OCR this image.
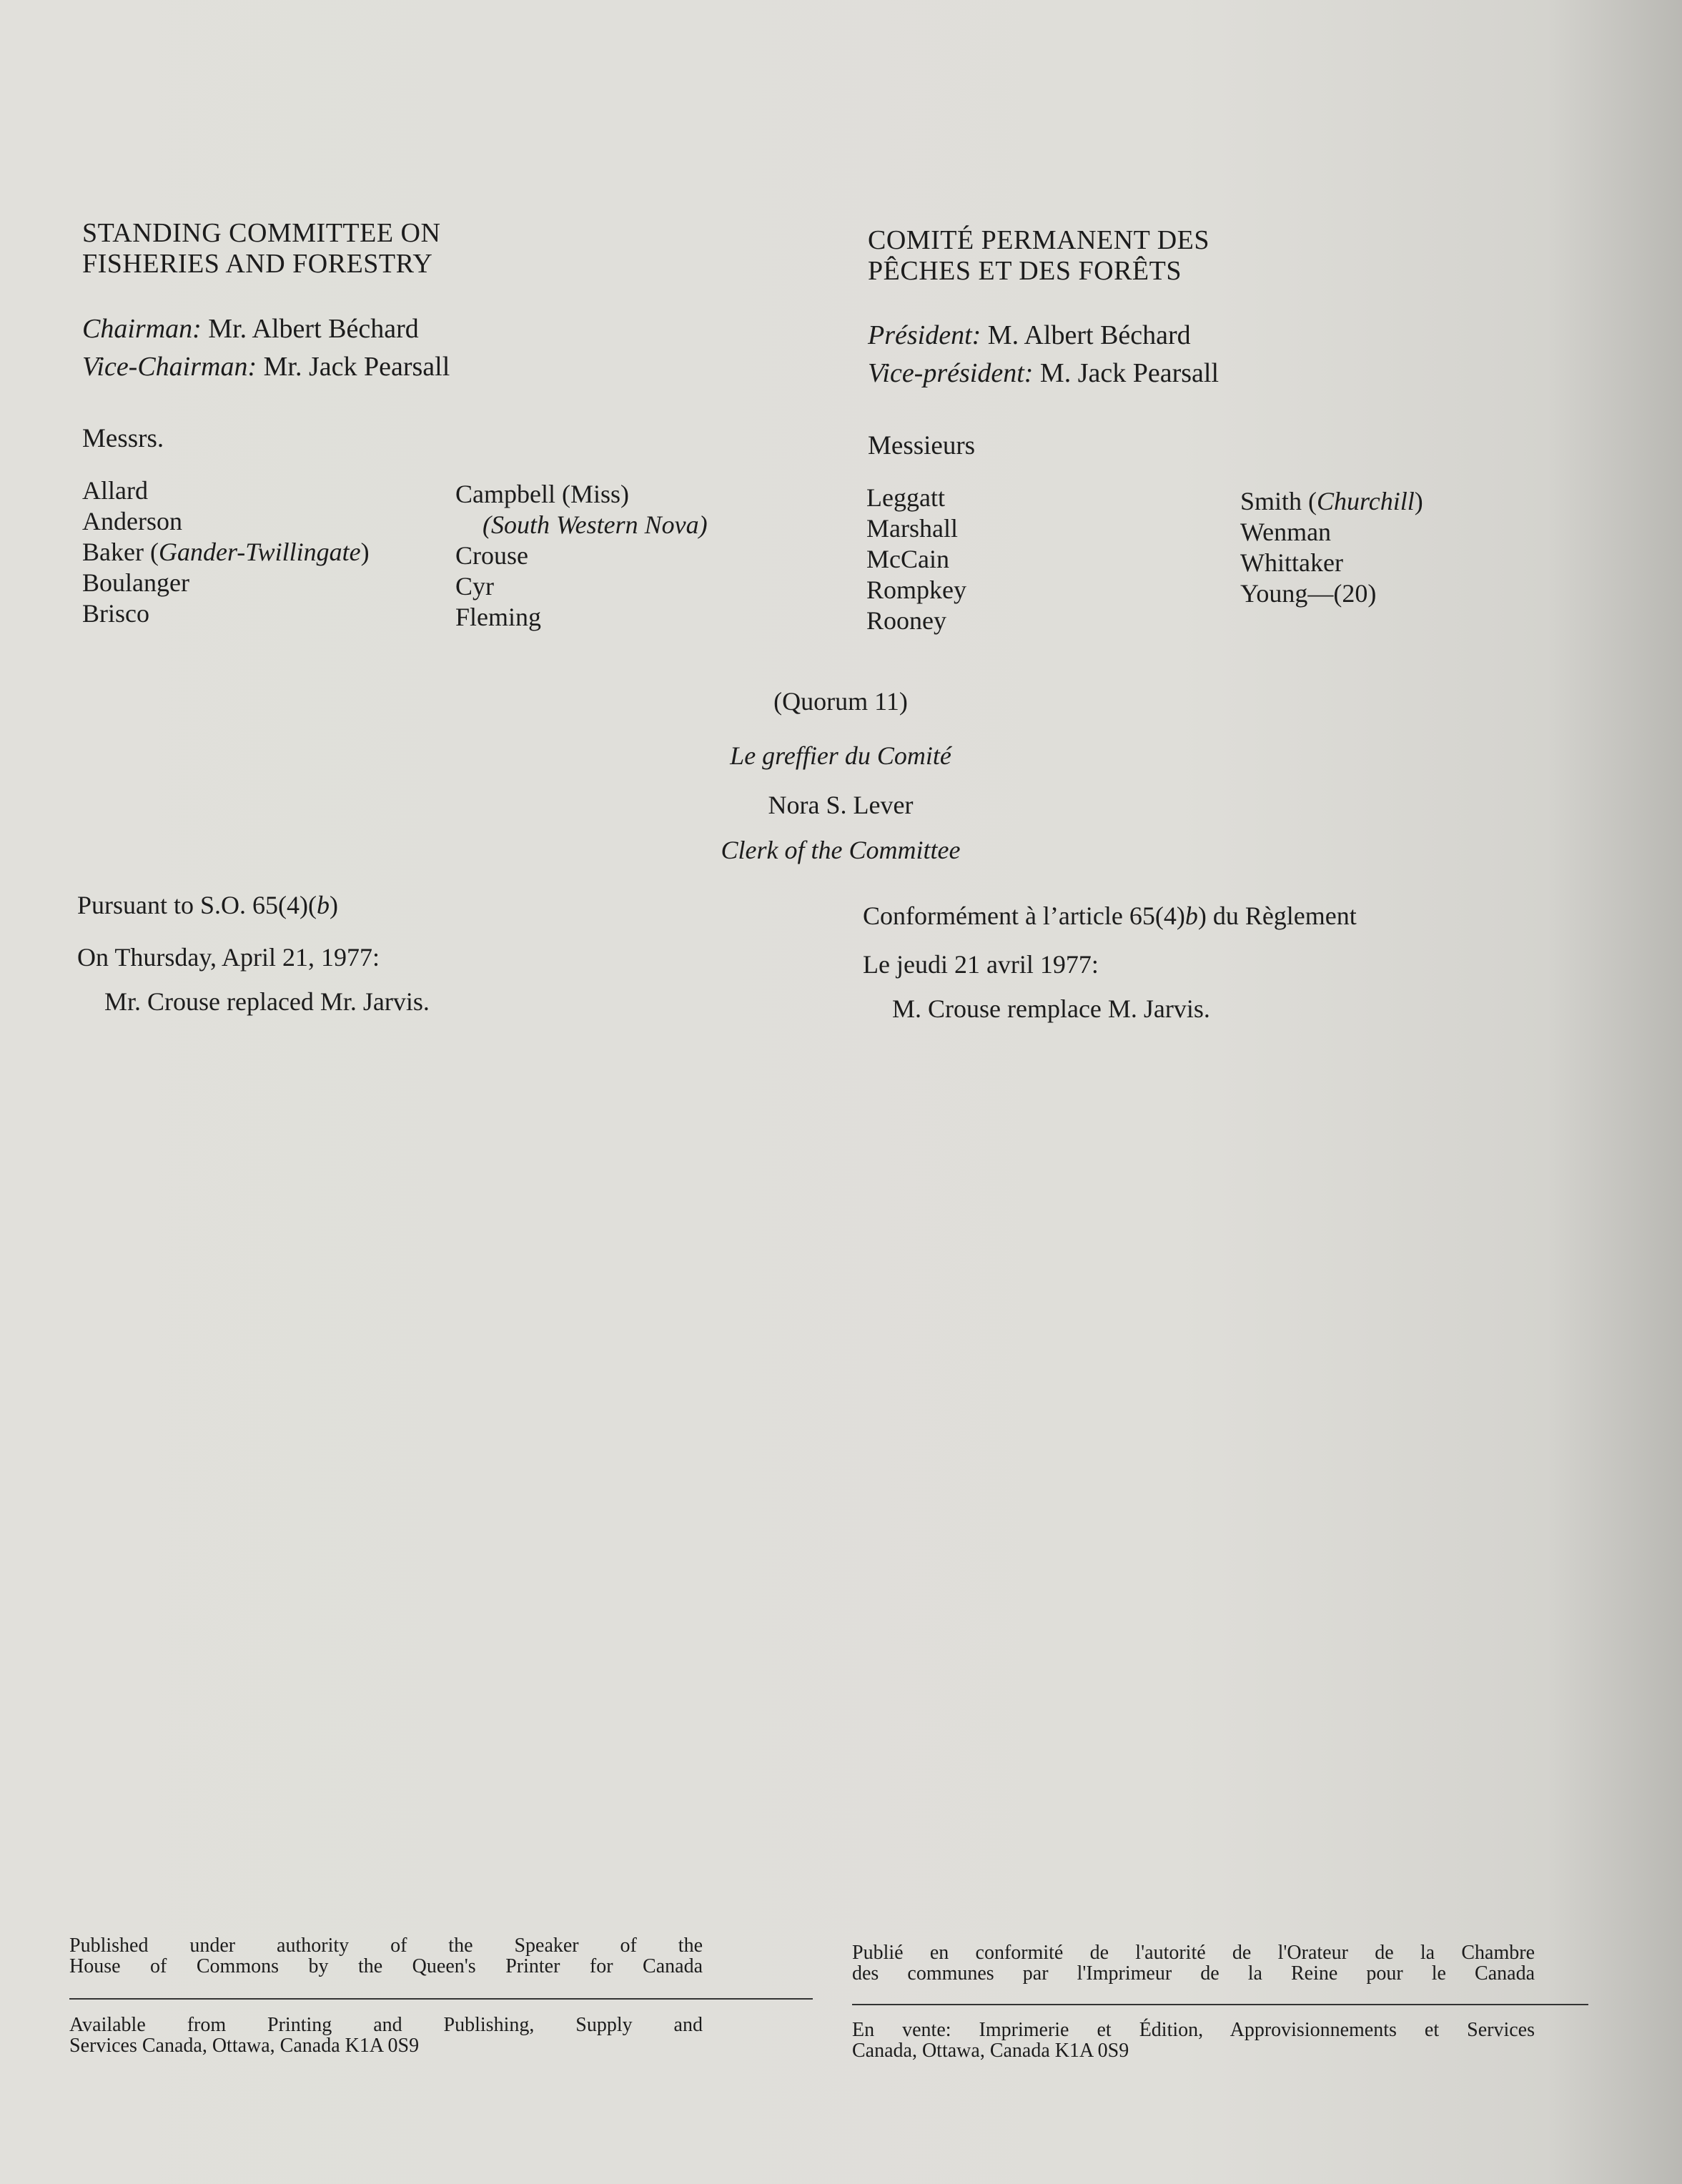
STANDING COMMITTEE ON
FISHERIES AND FORESTRY
Chairman: Mr. Albert Béchard
Vice-Chairman: Mr. Jack Pearsall
Messrs.
Allard
Anderson
Baker (Gander-Twillingate)
Boulanger
Brisco
Campbell (Miss)
(South Western Nova)
Crouse
Cyr
Fleming
Pursuant to S.O. 65(4)(b)
On Thursday, April 21, 1977:
Mr. Crouse replaced Mr. Jarvis.
COMITÉ PERMANENT DES
PÊCHES ET DES FORÊTS
Président: M. Albert Béchard
Vice-président: M. Jack Pearsall
Messieurs
Leggatt
Marshall
McCain
Rompkey
Rooney
Smith (Churchill)
Wenman
Whittaker
Young—(20)
Conformément à l’article 65(4)b) du Règlement
Le jeudi 21 avril 1977:
M. Crouse remplace M. Jarvis.
(Quorum 11)
Le greffier du Comité
Nora S. Lever
Clerk of the Committee
Published under authority of the Speaker of the
House of Commons by the Queen's Printer for Canada
Available from Printing and Publishing, Supply and
Services Canada, Ottawa, Canada K1A 0S9
Publié en conformité de l'autorité de l'Orateur de la Chambre
des communes par l'Imprimeur de la Reine pour le Canada
En vente: Imprimerie et Édition, Approvisionnements et Services
Canada, Ottawa, Canada K1A 0S9
